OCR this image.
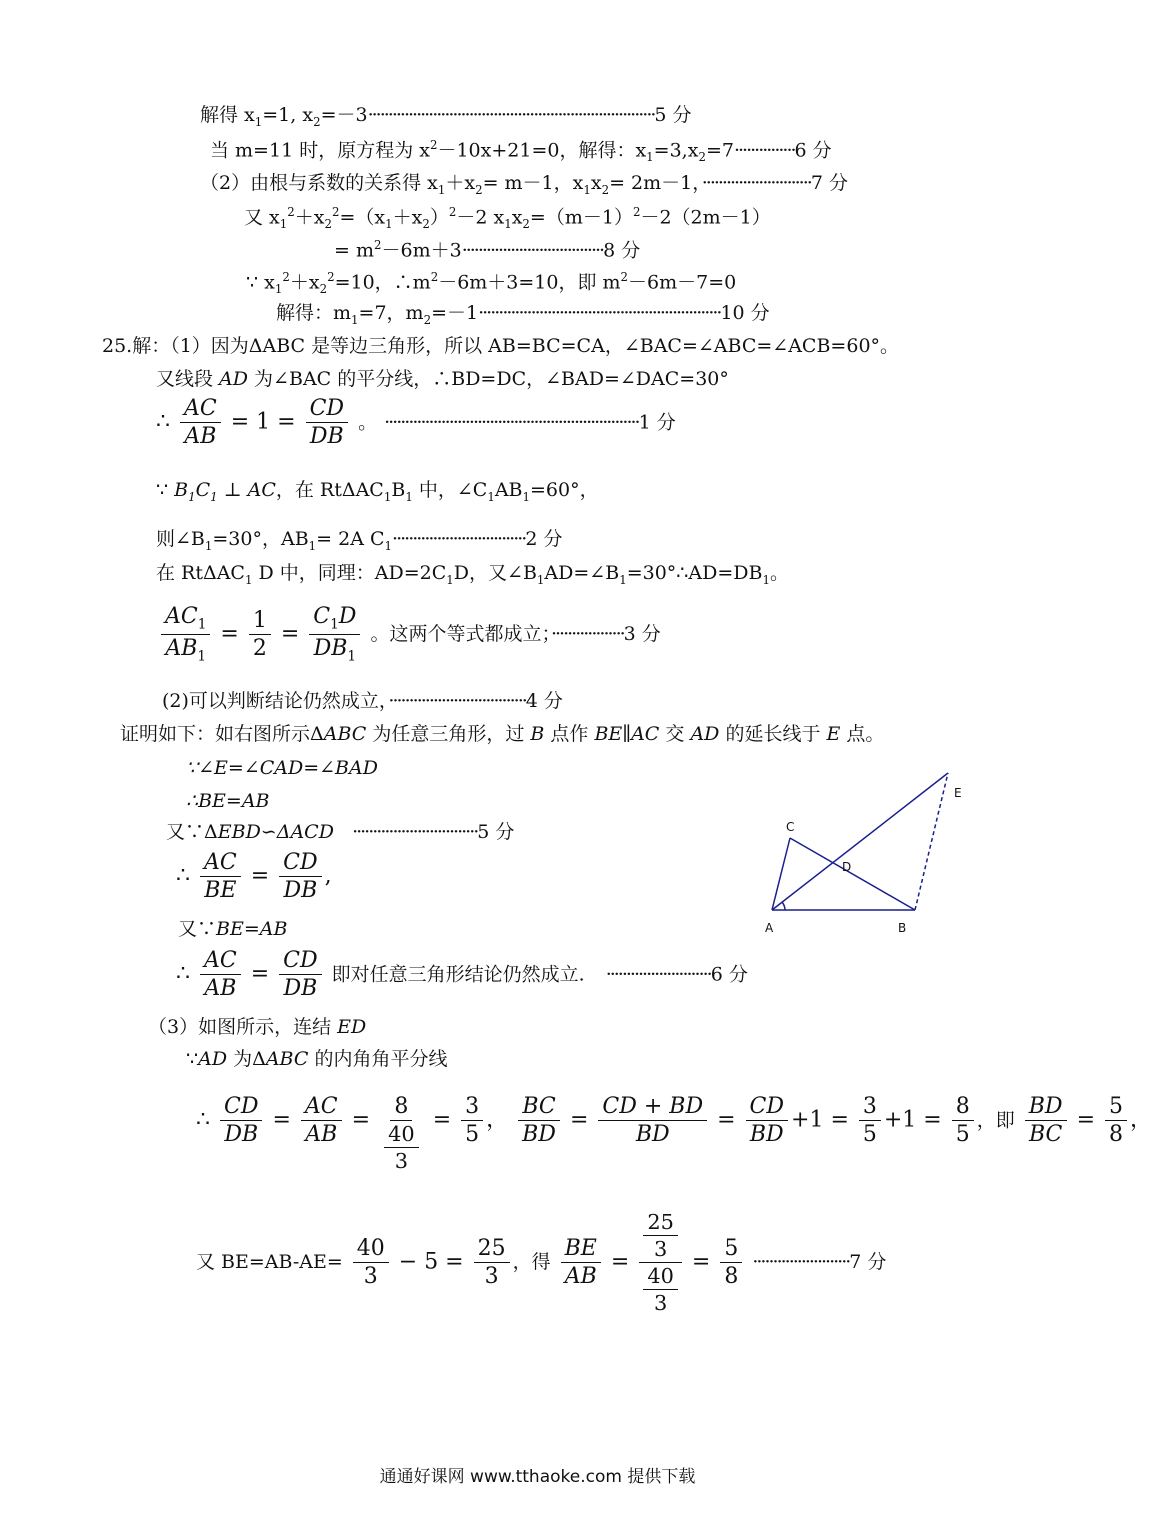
解得 $x_1=1$, $x_2=-3\cdot\cdot\cdot\cdot\cdot\cdot\cdot\cdot\cdot\cdot\cdot\cdot\cdot\cdot\cdot\cdot\cdot\cdot\cdot\cdot\cdot\cdot\cdot\cdot\cdot\cdot\cdot\cdot\cdot\cdot\cdot\cdot\cdot\cdot\cdot\cdot\cdot\cdot\cdot\cdot\cdot\cdot\cdot\cdot\cdot\cdot\cdot\cdot\cdot\cdot\cdot\cdot\cdot\cdot\cdot\cdot\cdot\cdot\cdot\cdot\cdot\cdot\cdot\cdot\cdot\cdot\cdot\cdot\cdot\cdot\cdot 5$ 分
当 m=11 时，原方程为 $x^2-10x+21=0$，解得：$x_1=3,x_2=7\cdot\cdot\cdot\cdot\cdot\cdot\cdot\cdot\cdot\cdot\cdot\cdot\cdot\cdot\cdot 6$ 分
（2）由根与系数的关系得 $x_1+x_2= m-1$，$x_1x_2= 2m-1$，···························7 分
又 $x_1^2+x_2^2=(x_1+x_2)^2-2$ $x_1x_2=(m-1)^2-2(2m-1)$
= $m^2-6m+3\cdot\cdot\cdot\cdot\cdot\cdot\cdot\cdot\cdot\cdot\cdot\cdot\cdot\cdot\cdot\cdot\cdot\cdot\cdot\cdot\cdot\cdot\cdot\cdot\cdot\cdot\cdot\cdot\cdot\cdot\cdot\cdot\cdot\cdot\cdot 8$ 分
∵ $x_1^2+x_2^2=10$，$\therefore m^2-6m+3=10$，即 $m^2-6m-7=0$
解得：$m_1=7$，$m_2=-1\cdot\cdot\cdot\cdot\cdot\cdot\cdot\cdot\cdot\cdot\cdot\cdot\cdot\cdot\cdot\cdot\cdot\cdot\cdot\cdot\cdot\cdot\cdot\cdot\cdot\cdot\cdot\cdot\cdot\cdot\cdot\cdot\cdot\cdot\cdot\cdot\cdot\cdot\cdot\cdot\cdot\cdot\cdot\cdot\cdot\cdot\cdot\cdot\cdot\cdot\cdot\cdot\cdot\cdot\cdot\cdot\cdot\cdot\cdot\cdot 10$ 分
25.解：（1）因为ΔABC 是等边三角形，所以 AB=BC=CA，∠BAC=∠ABC=∠ACB=60°。
又线段 AD 为∠BAC 的平分线，∴BD=DC，∠BAD=∠DAC=30°
∴ $\frac{AC}{AB} = 1 = \frac{CD}{DB}$ 。 ·······························································1 分
∵ $B_1C_1$ ⊥ AC，在 $Rt\Delta AC_1B_1$ 中，$\angle C_1AB_1=60^\circ$，
则$\angle B_1=30^\circ$，$AB_1= 2A$ $C_1\cdot\cdot\cdot\cdot\cdot\cdot\cdot\cdot\cdot\cdot\cdot\cdot\cdot\cdot\cdot\cdot\cdot\cdot\cdot\cdot\cdot\cdot\cdot\cdot\cdot\cdot\cdot\cdot\cdot\cdot\cdot\cdot\cdot 2$ 分
在 RtΔAC$_1$ D 中，同理：$AD=2C_1D$，又$\angle B_1AD=\angle B_1=30^\circ\therefore AD=DB_1$。
$\frac{AC_1}{AB_1} = \frac{1}{2} = \frac{C_1D}{DB_1}$ 。这两个等式都成立；··················3 分
(2)可以判断结论仍然成立，··································4 分
证明如下：如右图所示ΔABC 为任意三角形，过 B 点作 BE∥AC 交 AD 的延长线于 E 点。
∵∠E=∠CAD=∠BAD
∴BE=AB
又∵ΔEBD∽ΔACD ·······························5 分
∴ $\frac{AC}{BE} = \frac{CD}{DB}$ ,
又∵BE=AB
∴ $\frac{AC}{AB} = \frac{CD}{DB}$ 即对任意三角形结论仍然成立. ··························6 分
（3）如图所示，连结 ED
∵AD 为ΔABC 的内角角平分线
∴ $\frac{CD}{DB} = \frac{AC}{AB} = \frac{8}{\frac{40}{3}} = \frac{3}{5}$ ， $\frac{BC}{BD} = \frac{CD + BD}{BD} = \frac{CD}{BD} +1 = \frac{3}{5} +1 = \frac{8}{5}$ ，即 $\frac{BD}{BC} = \frac{5}{8}$ ，
又 $BE=AB-AE= \frac{40}{3} - 5 = \frac{25}{3}$ ，得 $\frac{BE}{AB} = \frac{\frac{25}{3}}{\frac{40}{3}} = \frac{5}{8} \cdot\cdot\cdot\cdot\cdot\cdot\cdot\cdot\cdot\cdot\cdot\cdot\cdot\cdot\cdot\cdot\cdot\cdot\cdot\cdot\cdot\cdot\cdot\cdot 7$ 分
A	B
C
D
E
通通好课网 www.tthaoke.com 提供下载
